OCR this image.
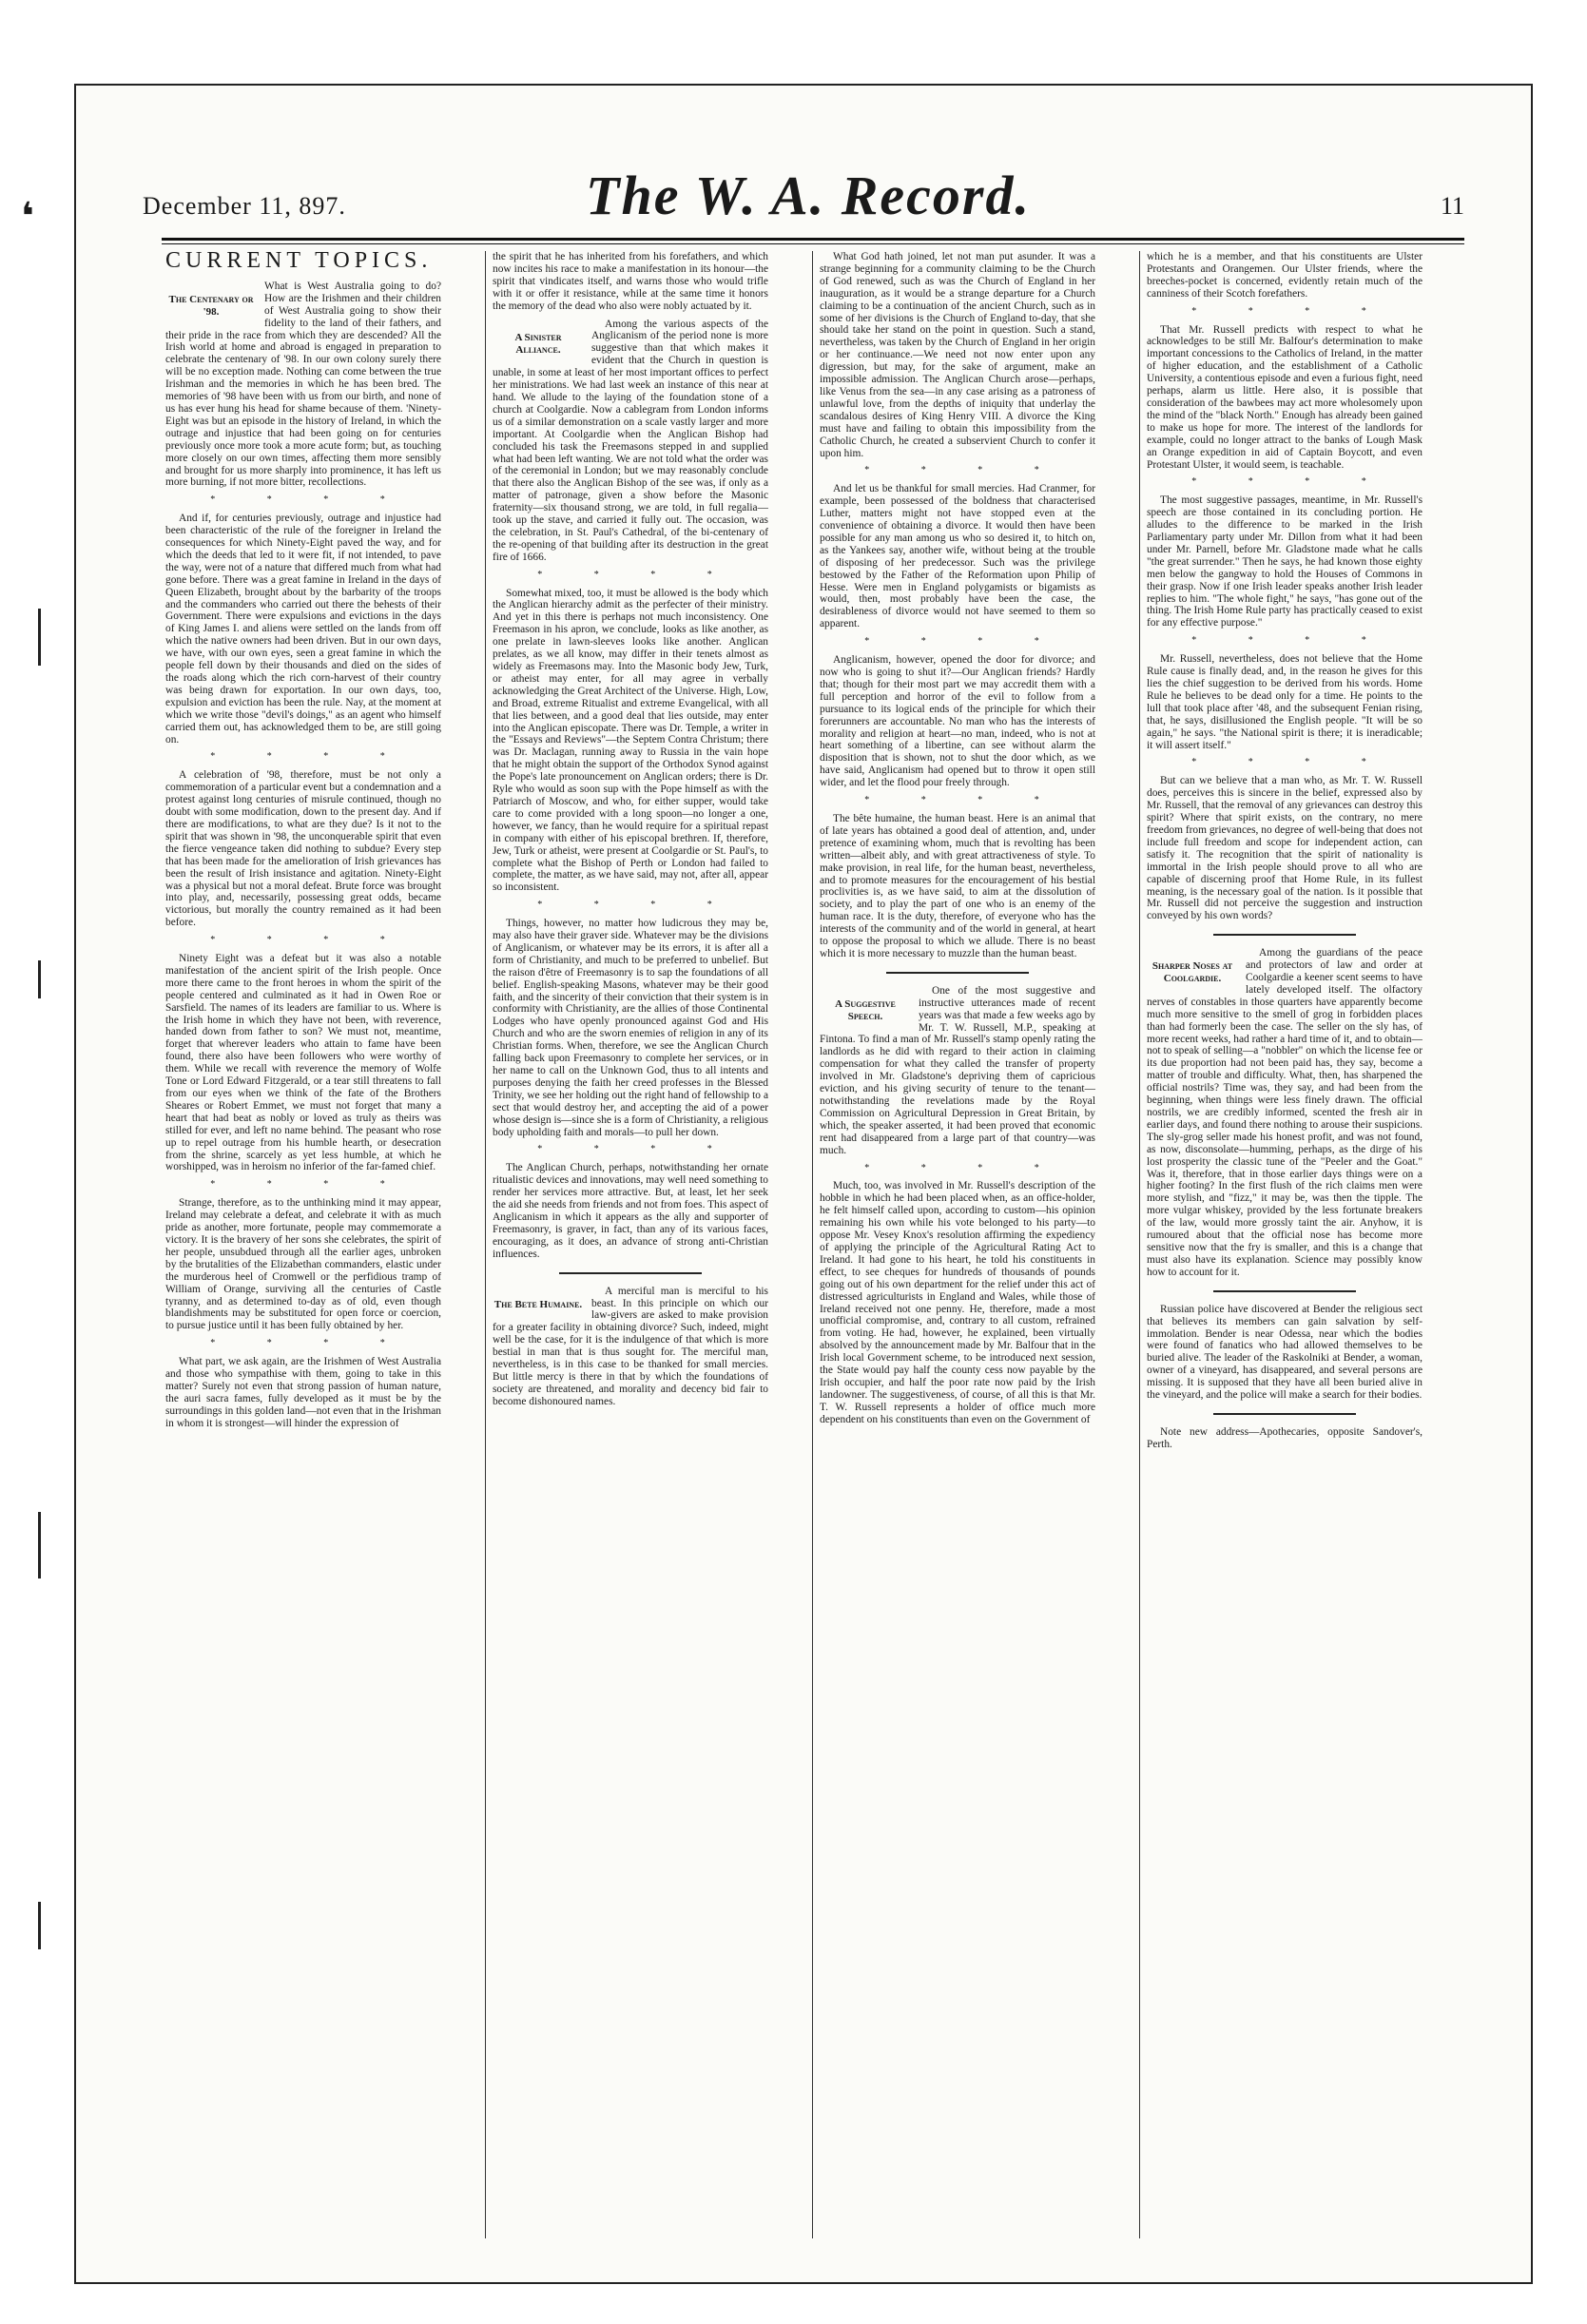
❛	December 11, 897.	The W. A. Record.	11
CURRENT TOPICS.
The Centenary or '98.

What is West Australia going to do? How are the Irishmen and their children of West Australia going to show their fidelity to the land of their fathers, and their pride in the race from which they are descended? All the Irish world at home and abroad is engaged in preparation to celebrate the centenary of '98. In our own colony surely there will be no exception made. Nothing can come between the true Irishman and the memories in which he has been bred. The memories of '98 have been with us from our birth, and none of us has ever hung his head for shame because of them. 'Ninety-Eight was but an episode in the history of Ireland, in which the outrage and injustice that had been going on for centuries previously once more took a more acute form; but, as touching more closely on our own times, affecting them more sensibly and brought for us more sharply into prominence, it has left us more burning, if not more bitter, recollections.

* * * *

And if, for centuries previously, outrage and injustice had been characteristic of the rule of the foreigner in Ireland the consequences for which Ninety-Eight paved the way, and for which the deeds that led to it were fit, if not intended, to pave the way, were not of a nature that differed much from what had gone before. There was a great famine in Ireland in the days of Queen Elizabeth, brought about by the barbarity of the troops and the commanders who carried out there the behests of their Government. There were expulsions and evictions in the days of King James I. and aliens were settled on the lands from off which the native owners had been driven. But in our own days, we have, with our own eyes, seen a great famine in which the people fell down by their thousands and died on the sides of the roads along which the rich corn-harvest of their country was being drawn for exportation. In our own days, too, expulsion and eviction has been the rule. Nay, at the moment at which we write those "devil's doings," as an agent who himself carried them out, has acknowledged them to be, are still going on.

* * * *

A celebration of '98, therefore, must be not only a commemoration of a particular event but a condemnation and a protest against long centuries of misrule continued, though no doubt with some modification, down to the present day. And if there are modifications, to what are they due? Is it not to the spirit that was shown in '98, the unconquerable spirit that even the fierce vengeance taken did nothing to subdue? Every step that has been made for the amelioration of Irish grievances has been the result of Irish insistance and agitation. Ninety-Eight was a physical but not a moral defeat. Brute force was brought into play, and, necessarily, possessing great odds, became victorious, but morally the country remained as it had been before.

* * * *

Ninety Eight was a defeat but it was also a notable manifestation of the ancient spirit of the Irish people. Once more there came to the front heroes in whom the spirit of the people centered and culminated as it had in Owen Roe or Sarsfield. The names of its leaders are familiar to us. Where is the Irish home in which they have not been, with reverence, handed down from father to son? We must not, meantime, forget that wherever leaders who attain to fame have been found, there also have been followers who were worthy of them. While we recall with reverence the memory of Wolfe Tone or Lord Edward Fitzgerald, or a tear still threatens to fall from our eyes when we think of the fate of the Brothers Sheares or Robert Emmet, we must not forget that many a heart that had beat as nobly or loved as truly as theirs was stilled for ever, and left no name behind. The peasant who rose up to repel outrage from his humble hearth, or desecration from the shrine, scarcely as yet less humble, at which he worshipped, was in heroism no inferior of the far-famed chief.

* * * *

Strange, therefore, as to the unthinking mind it may appear, Ireland may celebrate a defeat, and celebrate it with as much pride as another, more fortunate, people may commemorate a victory. It is the bravery of her sons she celebrates, the spirit of her people, unsubdued through all the earlier ages, unbroken by the brutalities of the Elizabethan commanders, elastic under the murderous heel of Cromwell or the perfidious tramp of William of Orange, surviving all the centuries of Castle tyranny, and as determined to-day as of old, even though blandishments may be substituted for open force or coercion, to pursue justice until it has been fully obtained by her.

* * * *

What part, we ask again, are the Irishmen of West Australia and those who sympathise with them, going to take in this matter? Surely not even that strong passion of human nature, the auri sacra fames, fully developed as it must be by the surroundings in this golden land—not even that in the Irishman in whom it is strongest—will hinder the expression of

the spirit that he has inherited from his forefathers, and which now incites his race to make a manifestation in its honour—the spirit that vindicates itself, and warns those who would trifle with it or offer it resistance, while at the same time it honors the memory of the dead who also were nobly actuated by it.

A Sinister Alliance.

Among the various aspects of the Anglicanism of the period none is more suggestive than that which makes it evident that the Church in question is unable, in some at least of her most important offices to perfect her ministrations. We had last week an instance of this near at hand. We allude to the laying of the foundation stone of a church at Coolgardie. Now a cablegram from London informs us of a similar demonstration on a scale vastly larger and more important. At Coolgardie when the Anglican Bishop had concluded his task the Freemasons stepped in and supplied what had been left wanting. We are not told what the order was of the ceremonial in London; but we may reasonably conclude that there also the Anglican Bishop of the see was, if only as a matter of patronage, given a show before the Masonic fraternity—six thousand strong, we are told, in full regalia—took up the stave, and carried it fully out. The occasion, was the celebration, in St. Paul's Cathedral, of the bi-centenary of the re-opening of that building after its destruction in the great fire of 1666.

* * * *

Somewhat mixed, too, it must be allowed is the body which the Anglican hierarchy admit as the perfecter of their ministry. And yet in this there is perhaps not much inconsistency. One Freemason in his apron, we conclude, looks as like another, as one prelate in lawn-sleeves looks like another. Anglican prelates, as we all know, may differ in their tenets almost as widely as Freemasons may. Into the Masonic body Jew, Turk, or atheist may enter, for all may agree in verbally acknowledging the Great Architect of the Universe. High, Low, and Broad, extreme Ritualist and extreme Evangelical, with all that lies between, and a good deal that lies outside, may enter into the Anglican episcopate. There was Dr. Temple, a writer in the "Essays and Reviews"—the Septem Contra Christum; there was Dr. Maclagan, running away to Russia in the vain hope that he might obtain the support of the Orthodox Synod against the Pope's late pronouncement on Anglican orders; there is Dr. Ryle who would as soon sup with the Pope himself as with the Patriarch of Moscow, and who, for either supper, would take care to come provided with a long spoon—no longer a one, however, we fancy, than he would require for a spiritual repast in company with either of his episcopal brethren. If, therefore, Jew, Turk or atheist, were present at Coolgardie or St. Paul's, to complete what the Bishop of Perth or London had failed to complete, the matter, as we have said, may not, after all, appear so inconsistent.

* * * *

Things, however, no matter how ludicrous they may be, may also have their graver side. Whatever may be the divisions of Anglicanism, or whatever may be its errors, it is after all a form of Christianity, and much to be preferred to unbelief. But the raison d'être of Freemasonry is to sap the foundations of all belief. English-speaking Masons, whatever may be their good faith, and the sincerity of their conviction that their system is in conformity with Christianity, are the allies of those Continental Lodges who have openly pronounced against God and His Church and who are the sworn enemies of religion in any of its Christian forms. When, therefore, we see the Anglican Church falling back upon Freemasonry to complete her services, or in her name to call on the Unknown God, thus to all intents and purposes denying the faith her creed professes in the Blessed Trinity, we see her holding out the right hand of fellowship to a sect that would destroy her, and accepting the aid of a power whose design is—since she is a form of Christianity, a religious body upholding faith and morals—to pull her down.

* * * *

The Anglican Church, perhaps, notwithstanding her ornate ritualistic devices and innovations, may well need something to render her services more attractive. But, at least, let her seek the aid she needs from friends and not from foes. This aspect of Anglicanism in which it appears as the ally and supporter of Freemasonry, is graver, in fact, than any of its various faces, encouraging, as it does, an advance of strong anti-Christian influences.

The Bete Humaine.

A merciful man is merciful to his beast. In this principle on which our law-givers are asked to make provision for a greater facility in obtaining divorce? Such, indeed, might well be the case, for it is the indulgence of that which is more bestial in man that is thus sought for. The merciful man, nevertheless, is in this case to be thanked for small mercies. But little mercy is there in that by which the foundations of society are threatened, and morality and decency bid fair to become dishonoured names.

What God hath joined, let not man put asunder. It was a strange beginning for a community claiming to be the Church of God renewed, such as was the Church of England in her inauguration, as it would be a strange departure for a Church claiming to be a continuation of the ancient Church, such as in some of her divisions is the Church of England to-day, that she should take her stand on the point in question. Such a stand, nevertheless, was taken by the Church of England in her origin or her continuance.—We need not now enter upon any digression, but may, for the sake of argument, make an impossible admission. The Anglican Church arose—perhaps, like Venus from the sea—in any case arising as a patroness of unlawful love, from the depths of iniquity that underlay the scandalous desires of King Henry VIII. A divorce the King must have and failing to obtain this impossibility from the Catholic Church, he created a subservient Church to confer it upon him.

* * * *

And let us be thankful for small mercies. Had Cranmer, for example, been possessed of the boldness that characterised Luther, matters might not have stopped even at the convenience of obtaining a divorce. It would then have been possible for any man among us who so desired it, to hitch on, as the Yankees say, another wife, without being at the trouble of disposing of her predecessor. Such was the privilege bestowed by the Father of the Reformation upon Philip of Hesse. Were men in England polygamists or bigamists as would, then, most probably have been the case, the desirableness of divorce would not have seemed to them so apparent.

* * * *

Anglicanism, however, opened the door for divorce; and now who is going to shut it?—Our Anglican friends? Hardly that; though for their most part we may accredit them with a full perception and horror of the evil to follow from a pursuance to its logical ends of the principle for which their forerunners are accountable. No man who has the interests of morality and religion at heart—no man, indeed, who is not at heart something of a libertine, can see without alarm the disposition that is shown, not to shut the door which, as we have said, Anglicanism had opened but to throw it open still wider, and let the flood pour freely through.

* * * *

The bête humaine, the human beast. Here is an animal that of late years has obtained a good deal of attention, and, under pretence of examining whom, much that is revolting has been written—albeit ably, and with great attractiveness of style. To make provision, in real life, for the human beast, nevertheless, and to promote measures for the encouragement of his bestial proclivities is, as we have said, to aim at the dissolution of society, and to play the part of one who is an enemy of the human race. It is the duty, therefore, of everyone who has the interests of the community and of the world in general, at heart to oppose the proposal to which we allude. There is no beast which it is more necessary to muzzle than the human beast.

A Suggestive Speech.

One of the most suggestive and instructive utterances made of recent years was that made a few weeks ago by Mr. T. W. Russell, M.P., speaking at Fintona. To find a man of Mr. Russell's stamp openly rating the landlords as he did with regard to their action in claiming compensation for what they called the transfer of property involved in Mr. Gladstone's depriving them of capricious eviction, and his giving security of tenure to the tenant—notwithstanding the revelations made by the Royal Commission on Agricultural Depression in Great Britain, by which, the speaker asserted, it had been proved that economic rent had disappeared from a large part of that country—was much.

* * * *

Much, too, was involved in Mr. Russell's description of the hobble in which he had been placed when, as an office-holder, he felt himself called upon, according to custom—his opinion remaining his own while his vote belonged to his party—to oppose Mr. Vesey Knox's resolution affirming the expediency of applying the principle of the Agricultural Rating Act to Ireland. It had gone to his heart, he told his constituents in effect, to see cheques for hundreds of thousands of pounds going out of his own department for the relief under this act of distressed agriculturists in England and Wales, while those of Ireland received not one penny. He, therefore, made a most unofficial compromise, and, contrary to all custom, refrained from voting. He had, however, he explained, been virtually absolved by the announcement made by Mr. Balfour that in the Irish local Government scheme, to be introduced next session, the State would pay half the county cess now payable by the Irish occupier, and half the poor rate now paid by the Irish landowner. The suggestiveness, of course, of all this is that Mr. T. W. Russell represents a holder of office much more dependent on his constituents than even on the Government of

which he is a member, and that his constituents are Ulster Protestants and Orangemen. Our Ulster friends, where the breeches-pocket is concerned, evidently retain much of the canniness of their Scotch forefathers.

* * * *

That Mr. Russell predicts with respect to what he acknowledges to be still Mr. Balfour's determination to make important concessions to the Catholics of Ireland, in the matter of higher education, and the establishment of a Catholic University, a contentious episode and even a furious fight, need perhaps, alarm us little. Here also, it is possible that consideration of the bawbees may act more wholesomely upon the mind of the "black North." Enough has already been gained to make us hope for more. The interest of the landlords for example, could no longer attract to the banks of Lough Mask an Orange expedition in aid of Captain Boycott, and even Protestant Ulster, it would seem, is teachable.

* * * *

The most suggestive passages, meantime, in Mr. Russell's speech are those contained in its concluding portion. He alludes to the difference to be marked in the Irish Parliamentary party under Mr. Dillon from what it had been under Mr. Parnell, before Mr. Gladstone made what he calls "the great surrender." Then he says, he had known those eighty men below the gangway to hold the Houses of Commons in their grasp. Now if one Irish leader speaks another Irish leader replies to him. "The whole fight," he says, "has gone out of the thing. The Irish Home Rule party has practically ceased to exist for any effective purpose."

* * * *

Mr. Russell, nevertheless, does not believe that the Home Rule cause is finally dead, and, in the reason he gives for this lies the chief suggestion to be derived from his words. Home Rule he believes to be dead only for a time. He points to the lull that took place after '48, and the subsequent Fenian rising, that, he says, disillusioned the English people. "It will be so again," he says. "the National spirit is there; it is ineradicable; it will assert itself."

* * * *

But can we believe that a man who, as Mr. T. W. Russell does, perceives this is sincere in the belief, expressed also by Mr. Russell, that the removal of any grievances can destroy this spirit? Where that spirit exists, on the contrary, no mere freedom from grievances, no degree of well-being that does not include full freedom and scope for independent action, can satisfy it. The recognition that the spirit of nationality is immortal in the Irish people should prove to all who are capable of discerning proof that Home Rule, in its fullest meaning, is the necessary goal of the nation. Is it possible that Mr. Russell did not perceive the suggestion and instruction conveyed by his own words?

Sharper Noses at Coolgardie.

Among the guardians of the peace and protectors of law and order at Coolgardie a keener scent seems to have lately developed itself. The olfactory nerves of constables in those quarters have apparently become much more sensitive to the smell of grog in forbidden places than had formerly been the case. The seller on the sly has, of more recent weeks, had rather a hard time of it, and to obtain—not to speak of selling—a "nobbler" on which the license fee or its due proportion had not been paid has, they say, become a matter of trouble and difficulty. What, then, has sharpened the official nostrils? Time was, they say, and had been from the beginning, when things were less finely drawn. The official nostrils, we are credibly informed, scented the fresh air in earlier days, and found there nothing to arouse their suspicions. The sly-grog seller made his honest profit, and was not found, as now, disconsolate—humming, perhaps, as the dirge of his lost prosperity the classic tune of the "Peeler and the Goat." Was it, therefore, that in those earlier days things were on a higher footing? In the first flush of the rich claims men were more stylish, and "fizz," it may be, was then the tipple. The more vulgar whiskey, provided by the less fortunate breakers of the law, would more grossly taint the air. Anyhow, it is rumoured about that the official nose has become more sensitive now that the fry is smaller, and this is a change that must also have its explanation. Science may possibly know how to account for it.

Russian police have discovered at Bender the religious sect that believes its members can gain salvation by self-immolation. Bender is near Odessa, near which the bodies were found of fanatics who had allowed themselves to be buried alive. The leader of the Raskolniki at Bender, a woman, owner of a vineyard, has disappeared, and several persons are missing. It is supposed that they have all been buried alive in the vineyard, and the police will make a search for their bodies.

Note new address—Apothecaries, opposite Sandover's, Perth.
